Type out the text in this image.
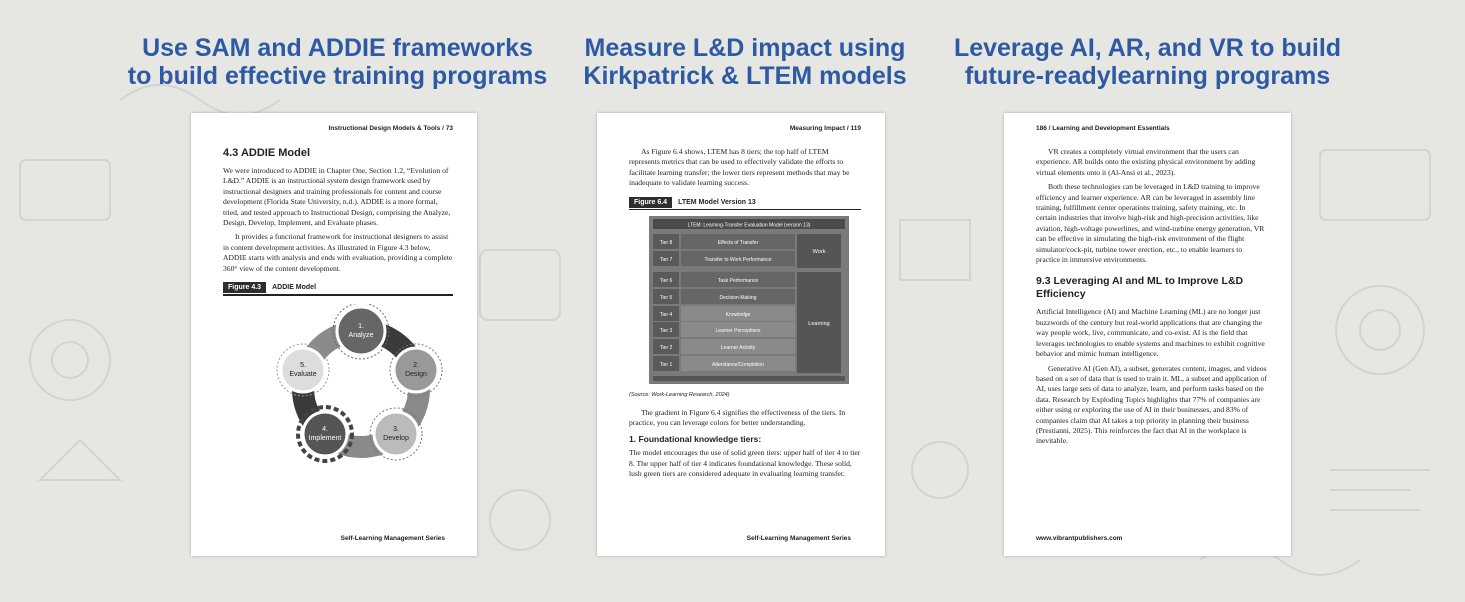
Use SAM and ADDIE frameworks
to build effective training programs
Measure L&D impact using
Kirkpatrick & LTEM models
Leverage AI, AR, and VR to build
future-readylearning programs
Instructional Design Models & Tools / 73
4.3 ADDIE Model

We were introduced to ADDIE in Chapter One, Section 1.2, “Evolution of L&D.” ADDIE is an instructional system design framework used by instructional designers and training professionals for content and course development (Florida State University, n.d.). ADDIE is a more formal, tried, and tested approach to Instructional Design, comprising the Analyze, Design, Develop, Implement, and Evaluate phases.

It provides a functional framework for instructional designers to assist in content development activities. As illustrated in Figure 4.3 below, ADDIE starts with analysis and ends with evaluation, providing a complete 360° view of the content development.

Figure 4.3	ADDIE Model
1.
Analyze
2.
Design
3.
Develop
4.
Implement
5.
Evaluate
Self-Learning Management Series
Measuring Impact / 119

As Figure 6.4 shows, LTEM has 8 tiers; the top half of LTEM represents metrics that can be used to effectively validate the efforts to facilitate learning transfer; the lower tiers represent methods that may be inadequate to validate learning success.

Figure 6.4	LTEM Model Version 13
LTEM: Learning-Transfer Evaluation Model (version 13)
Tier 8	Effects of Transfer
Tier 7	Transfer to Work Performance
Tier 6	Task Performance
Tier 5	Decision-Making
Tier 4	Knowledge
Tier 3	Learner Perceptions
Tier 2	Learner Activity
Tier 1	Attendance/Completion
Work
Learning
(Source: Work-Learning Research, 2024)

The gradient in Figure 6.4 signifies the effectiveness of the tiers. In practice, you can leverage colors for better understanding.

1. Foundational knowledge tiers:

The model encourages the use of solid green tiers: upper half of tier 4 to tier 8. The upper half of tier 4 indicates foundational knowledge. These solid, lush green tiers are considered adequate in evaluating learning transfer.

Self-Learning Management Series
186 / Learning and Development Essentials

VR creates a completely virtual environment that the users can experience. AR builds onto the existing physical environment by adding virtual elements onto it (Al-Ansi et al., 2023).

Both these technologies can be leveraged in L&D training to improve efficiency and learner experience. AR can be leveraged in assembly line training, fulfillment center operations training, safety training, etc. In certain industries that involve high-risk and high-precision activities, like aviation, high-voltage powerlines, and wind-turbine energy generation, VR can be effective in simulating the high-risk environment of the flight simulator/cock-pit, turbine tower erection, etc., to enable learners to practice in immersive environments.

9.3 Leveraging AI and ML to Improve L&D Efficiency

Artificial Intelligence (AI) and Machine Learning (ML) are no longer just buzzwords of the century but real-world applications that are changing the way people work, live, communicate, and co-exist. AI is the field that leverages technologies to enable systems and machines to exhibit cognitive behavior and mimic human intelligence.

Generative AI (Gen AI), a subset, generates content, images, and videos based on a set of data that is used to train it. ML, a subset and application of AI, uses large sets of data to analyze, learn, and perform tasks based on the data. Research by Exploding Topics highlights that 77% of companies are either using or exploring the use of AI in their businesses, and 83% of companies claim that AI takes a top priority in planning their business (Prestianni, 2025). This reinforces the fact that AI in the workplace is inevitable.

www.vibrantpublishers.com
